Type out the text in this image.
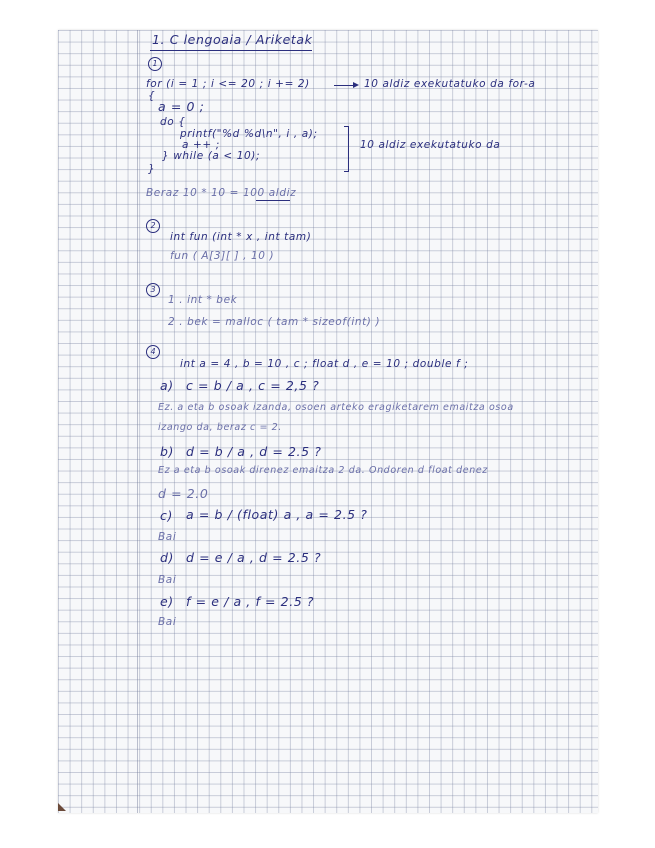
1. C lengoaia / Ariketak
1
for (i = 1 ; i <= 20 ; i += 2)	10 aldiz exekutatuko da for-a
{
a = 0 ;
do {
printf("%d %d\n", i , a);
a ++ ;
} while (a < 10);
10 aldiz exekutatuko da
}
Beraz 10 * 10 = 100 aldiz
2
int fun (int * x , int tam)
fun ( A[3][ ] , 10 )
3
1 . int * bek
2 . bek = malloc ( tam * sizeof(int) )
4
int a = 4 , b = 10 , c ; float d , e = 10 ; double f ;
a) c = b / a , c = 2,5 ?
Ez. a eta b osoak izanda, osoen arteko eragiketarem emaitza osoa
izango da, beraz c = 2.
b) d = b / a , d = 2.5 ?
Ez a eta b osoak direnez emaitza 2 da. Ondoren d float denez
d = 2.0
c) a = b / (float) a , a = 2.5 ?
Bai
d) d = e / a , d = 2.5 ?
Bai
e) f = e / a , f = 2.5 ?
Bai
